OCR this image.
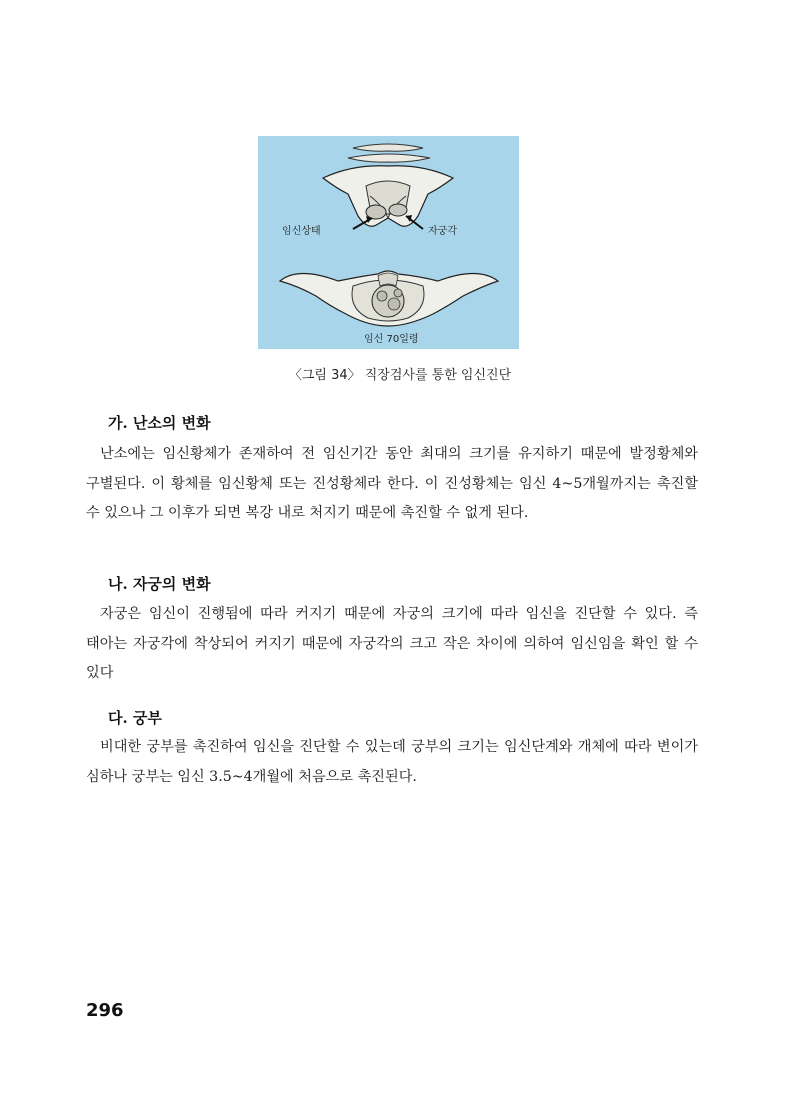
임신상태	자궁각
임신 70일령
〈그림 34〉 직장검사를 통한 임신진단
가. 난소의 변화
난소에는 임신황체가 존재하여 전 임신기간 동안 최대의 크기를 유지하기 때문에 발정황체와 구별된다. 이 황체를 임신황체 또는 진성황체라 한다. 이 진성황체는 임신 4~5개월까지는 촉진할 수 있으나 그 이후가 되면 복강 내로 처지기 때문에 촉진할 수 없게 된다.
나. 자궁의 변화
자궁은 임신이 진행됨에 따라 커지기 때문에 자궁의 크기에 따라 임신을 진단할 수 있다. 즉 태아는 자궁각에 착상되어 커지기 때문에 자궁각의 크고 작은 차이에 의하여 임신임을 확인 할 수 있다
다. 궁부
비대한 궁부를 촉진하여 임신을 진단할 수 있는데 궁부의 크기는 임신단계와 개체에 따라 변이가 심하나 궁부는 임신 3.5~4개월에 처음으로 촉진된다.
296
